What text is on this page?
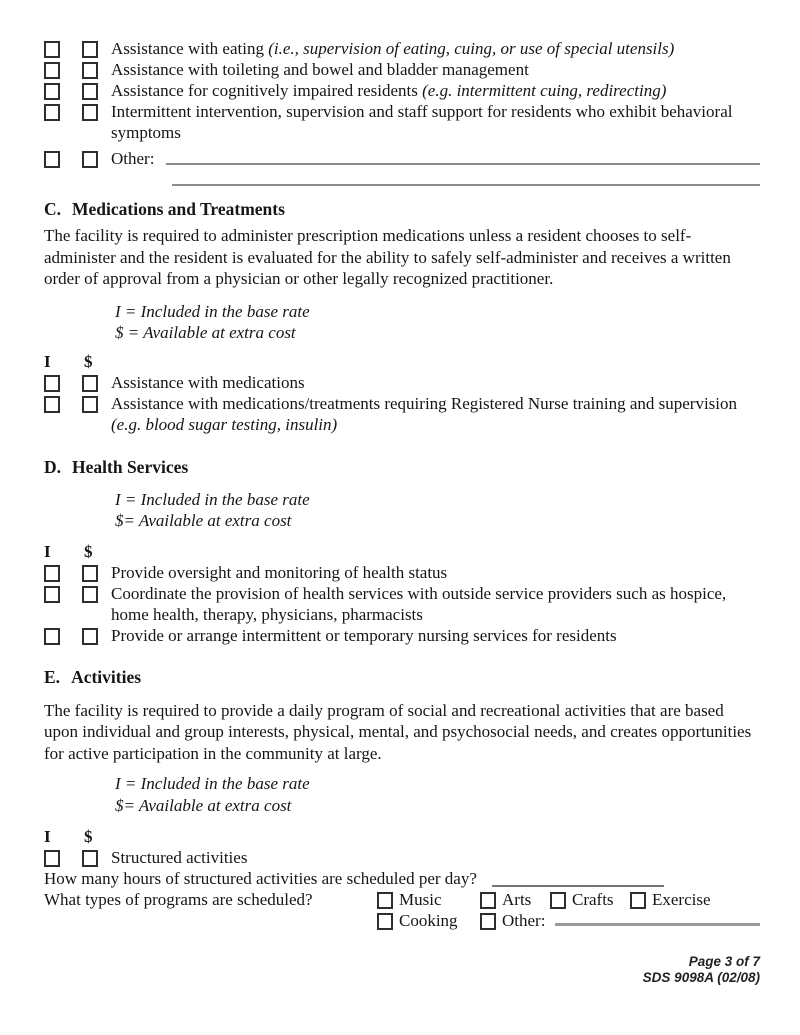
Assistance with eating (i.e., supervision of eating, cuing, or use of special utensils)
Assistance with toileting and bowel and bladder management
Assistance for cognitively impaired residents (e.g. intermittent cuing, redirecting)
Intermittent intervention, supervision and staff support for residents who exhibit behavioral symptoms
Other:
C. Medications and Treatments
The facility is required to administer prescription medications unless a resident chooses to self-administer and the resident is evaluated for the ability to safely self-administer and receives a written order of approval from a physician or other legally recognized practitioner.
I = Included in the base rate
$ = Available at extra cost
I	$
Assistance with medications
Assistance with medications/treatments requiring Registered Nurse training and supervision (e.g. blood sugar testing, insulin)
D. Health Services
I = Included in the base rate
$= Available at extra cost
I	$
Provide oversight and monitoring of health status
Coordinate the provision of health services with outside service providers such as hospice, home health, therapy, physicians, pharmacists
Provide or arrange intermittent or temporary nursing services for residents
E. Activities
The facility is required to provide a daily program of social and recreational activities that are based upon individual and group interests, physical, mental, and psychosocial needs, and creates opportunities for active participation in the community at large.
I = Included in the base rate
$= Available at extra cost
I	$
Structured activities
How many hours of structured activities are scheduled per day?
What types of programs are scheduled?	Music	Arts Crafts Exercise
Cooking	Other:
Page 3 of 7
SDS 9098A (02/08)
